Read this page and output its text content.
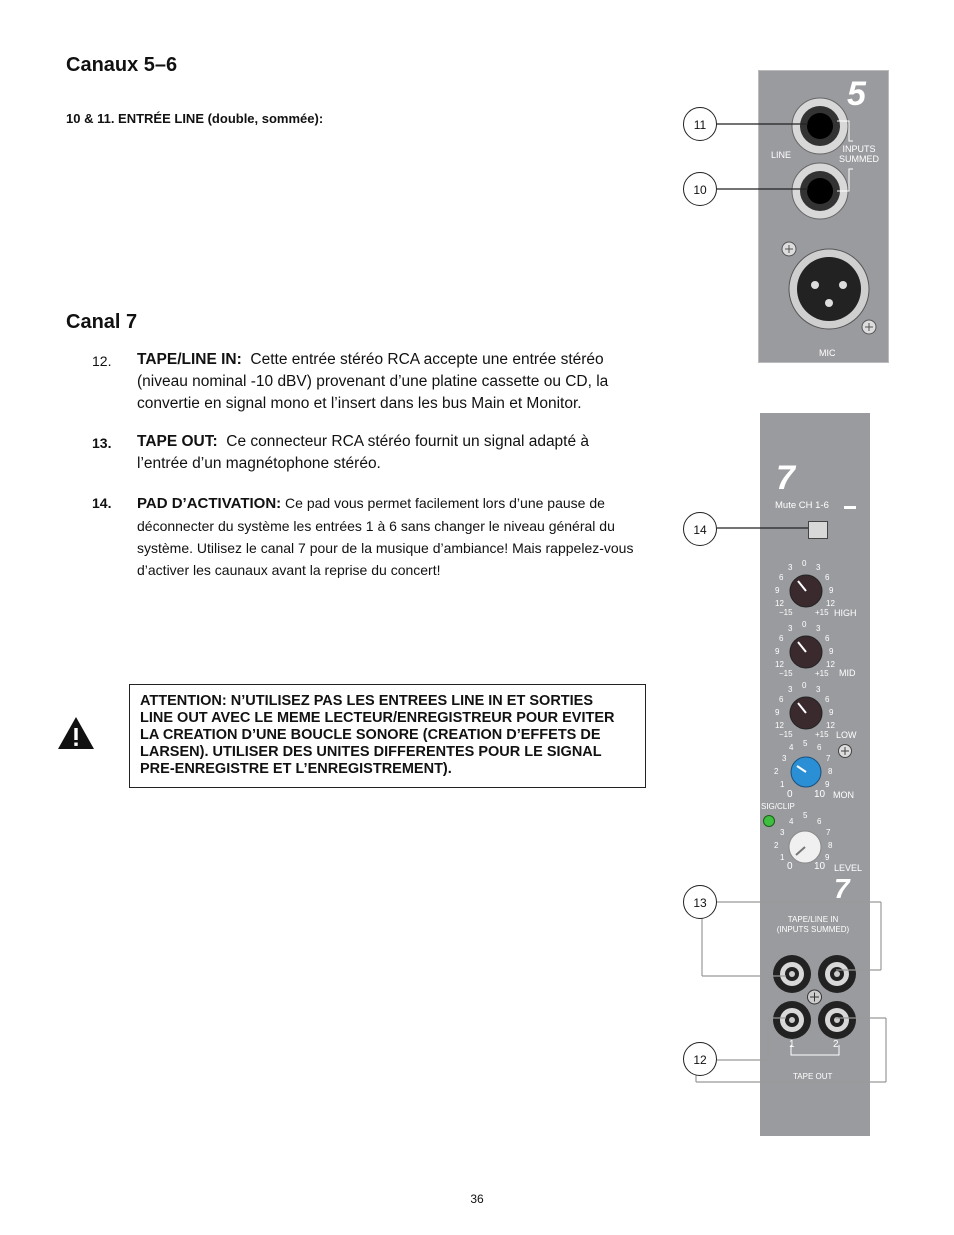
Canaux 5–6
10 & 11. ENTRÉE LINE (double, sommée):
Canal 7
12. TAPE/LINE IN: Cette entrée stéréo RCA accepte une entrée stéréo
(niveau nominal -10 dBV) provenant d’une platine cassette ou CD, la
convertie en signal mono et l’insert dans les bus Main et Monitor.
13. TAPE OUT: Ce connecteur RCA stéréo fournit un signal adapté à
l’entrée d’un magnétophone stéréo.
14. PAD D’ACTIVATION: Ce pad vous permet facilement lors d’une pause de
déconnecter du système les entrées 1 à 6 sans changer le niveau général du
système. Utilisez le canal 7 pour de la musique d’ambiance! Mais rappelez-vous
d’activer les caunaux avant la reprise du concert!
ATTENTION: N’UTILISEZ PAS LES ENTREES LINE IN ET SORTIES
LINE OUT AVEC LE MEME LECTEUR/ENREGISTREUR POUR EVITER
LA CREATION D’UNE BOUCLE SONORE (CREATION D’EFFETS DE
LARSEN). UTILISER DES UNITES DIFFERENTES POUR LE SIGNAL
PRE-ENREGISTRE ET L’ENREGISTREMENT).
36
5
LINE
INPUTS
SUMMED
MIC
11
10
7
Mute CH 1-6
0
3	3
6	6
9	9
12	12
−15	+15 HIGH
0
3	3
6	6
9	9
12	12
−15	+15 MID
0
3	3
6	6
9	9
12	12
−15	+15 LOW
4 5 6
3	7
2	8
1	9
0 10 MON
SIG/CLIP
4
5
6
3	7
2	8
1	9
0 10 LEVEL
7
TAPE/LINE IN
(INPUTS SUMMED)
1	2
TAPE OUT
14
13
12
